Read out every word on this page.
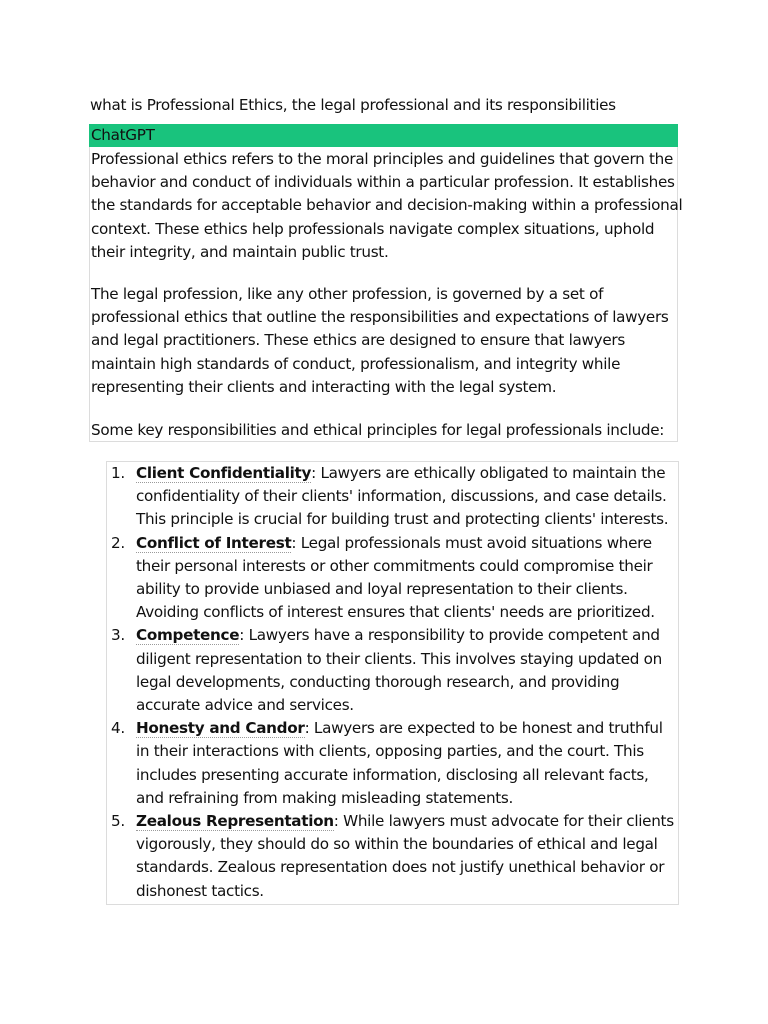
what is Professional Ethics, the legal professional and its responsibilities
ChatGPT

Professional ethics refers to the moral principles and guidelines that govern the behavior and conduct of individuals within a particular profession. It establishes the standards for acceptable behavior and decision-making within a professional context. These ethics help professionals navigate complex situations, uphold their integrity, and maintain public trust.

The legal profession, like any other profession, is governed by a set of professional ethics that outline the responsibilities and expectations of lawyers and legal practitioners. These ethics are designed to ensure that lawyers maintain high standards of conduct, professionalism, and integrity while representing their clients and interacting with the legal system.

Some key responsibilities and ethical principles for legal professionals include:

1. Client Confidentiality: Lawyers are ethically obligated to maintain the confidentiality of their clients' information, discussions, and case details. This principle is crucial for building trust and protecting clients' interests.
2. Conflict of Interest: Legal professionals must avoid situations where their personal interests or other commitments could compromise their ability to provide unbiased and loyal representation to their clients. Avoiding conflicts of interest ensures that clients' needs are prioritized.
3. Competence: Lawyers have a responsibility to provide competent and diligent representation to their clients. This involves staying updated on legal developments, conducting thorough research, and providing accurate advice and services.
4. Honesty and Candor: Lawyers are expected to be honest and truthful in their interactions with clients, opposing parties, and the court. This includes presenting accurate information, disclosing all relevant facts, and refraining from making misleading statements.
5. Zealous Representation: While lawyers must advocate for their clients vigorously, they should do so within the boundaries of ethical and legal standards. Zealous representation does not justify unethical behavior or dishonest tactics.
